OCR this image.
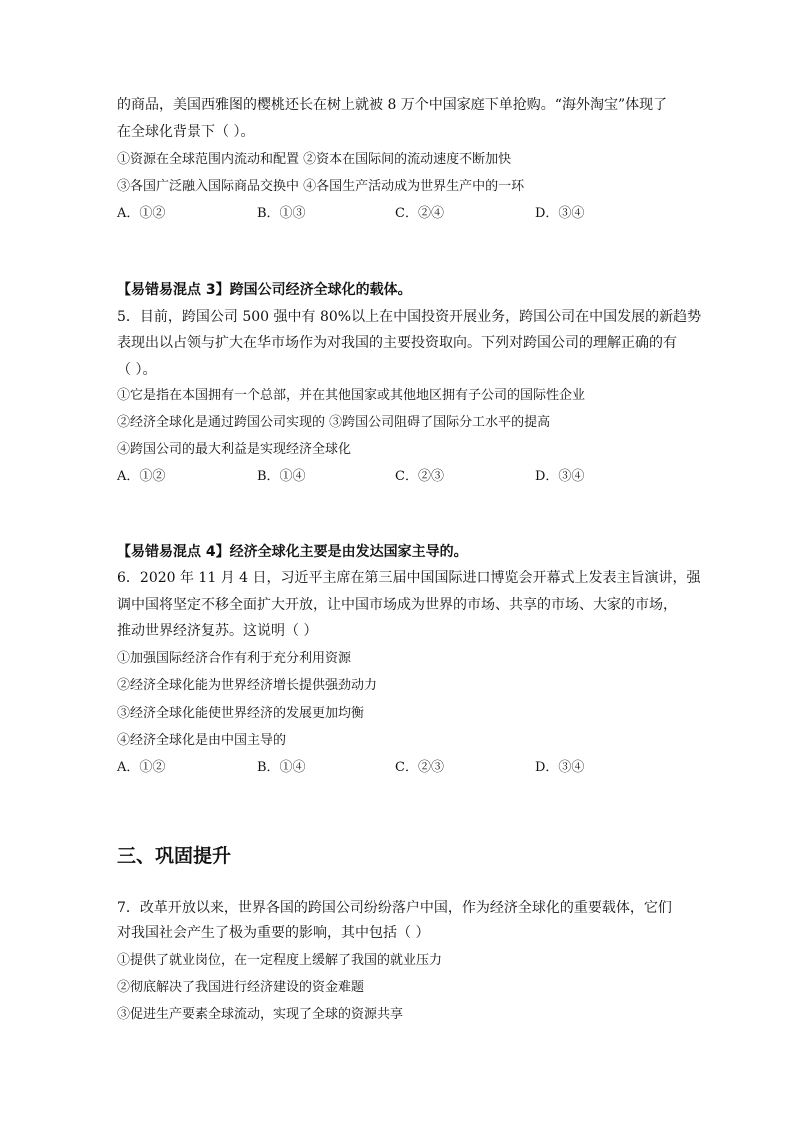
的商品，美国西雅图的樱桃还长在树上就被 8 万个中国家庭下单抢购。“海外淘宝”体现了
在全球化背景下（ ）。
①资源在全球范围内流动和配置 ②资本在国际间的流动速度不断加快
③各国广泛融入国际商品交换中 ④各国生产活动成为世界生产中的一环
A．①②	B．①③	C．②④	D．③④
【易错易混点 3】跨国公司经济全球化的载体。
5．目前，跨国公司 500 强中有 80%以上在中国投资开展业务，跨国公司在中国发展的新趋势
表现出以占领与扩大在华市场作为对我国的主要投资取向。下列对跨国公司的理解正确的有
（ ）。
①它是指在本国拥有一个总部，并在其他国家或其他地区拥有子公司的国际性企业
②经济全球化是通过跨国公司实现的 ③跨国公司阻碍了国际分工水平的提高
④跨国公司的最大利益是实现经济全球化
A．①②	B．①④	C．②③	D．③④
【易错易混点 4】经济全球化主要是由发达国家主导的。
6．2020 年 11 月 4 日，习近平主席在第三届中国国际进口博览会开幕式上发表主旨演讲，强
调中国将坚定不移全面扩大开放，让中国市场成为世界的市场、共享的市场、大家的市场，
推动世界经济复苏。这说明（ ）
①加强国际经济合作有利于充分利用资源
②经济全球化能为世界经济增长提供强劲动力
③经济全球化能使世界经济的发展更加均衡
④经济全球化是由中国主导的
A．①②	B．①④	C．②③	D．③④
三、巩固提升
7．改革开放以来，世界各国的跨国公司纷纷落户中国，作为经济全球化的重要载体，它们
对我国社会产生了极为重要的影响，其中包括（ ）
①提供了就业岗位，在一定程度上缓解了我国的就业压力
②彻底解决了我国进行经济建设的资金难题
③促进生产要素全球流动，实现了全球的资源共享
